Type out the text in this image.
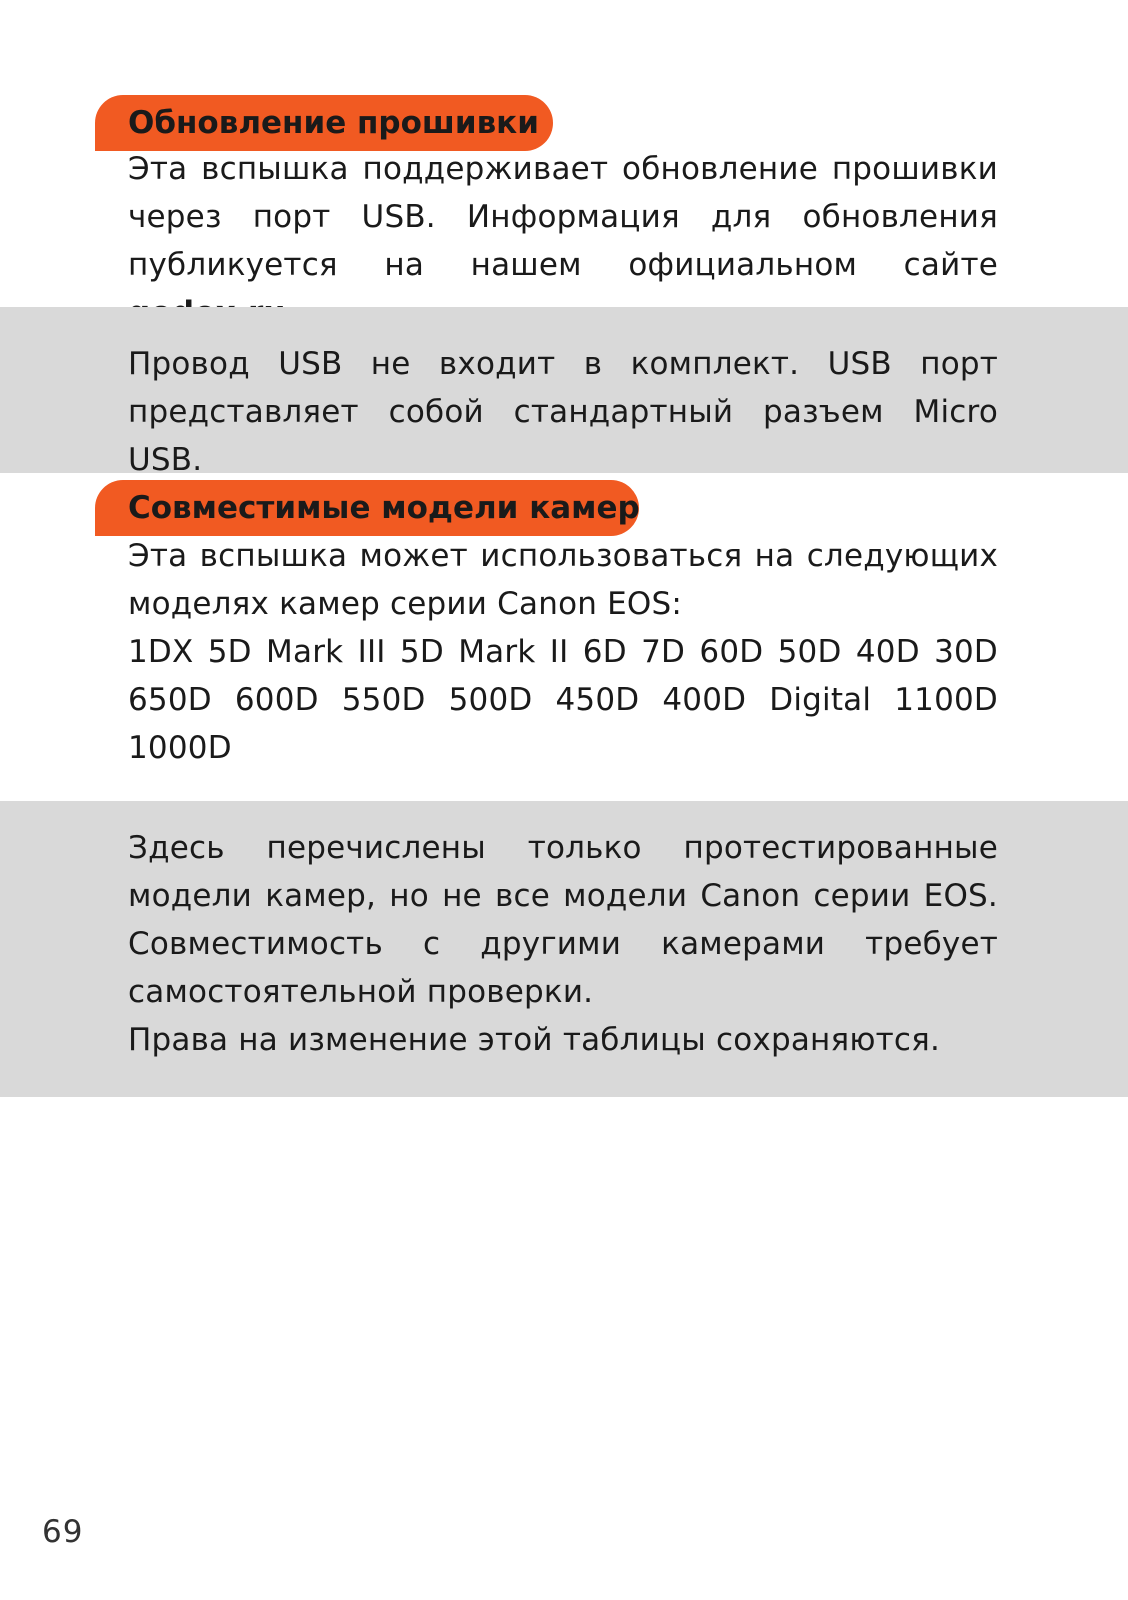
Обновление прошивки

Эта вспышка поддерживает обновление прошивки

через порт USB. Информация для обновления

публикуется на нашем официальном сайте

Провод USB не входит в комплект. USB порт

представляет собой стандартный разъем Micro USB.

Совместимые модели камер

Эта вспышка может использоваться на следующих

моделях камер серии Canon EOS:

1DX 5D Mark III 5D Mark II 6D 7D 60D 50D 40D 30D

650D 600D 550D 500D 450D 400D Digital 1100D

1000D

Здесь перечислены только протестированные

модели камер, но не все модели Canon серии EOS.

Совместимость с другими камерами требует

самостоятельной проверки.

Права на изменение этой таблицы сохраняются.

69
